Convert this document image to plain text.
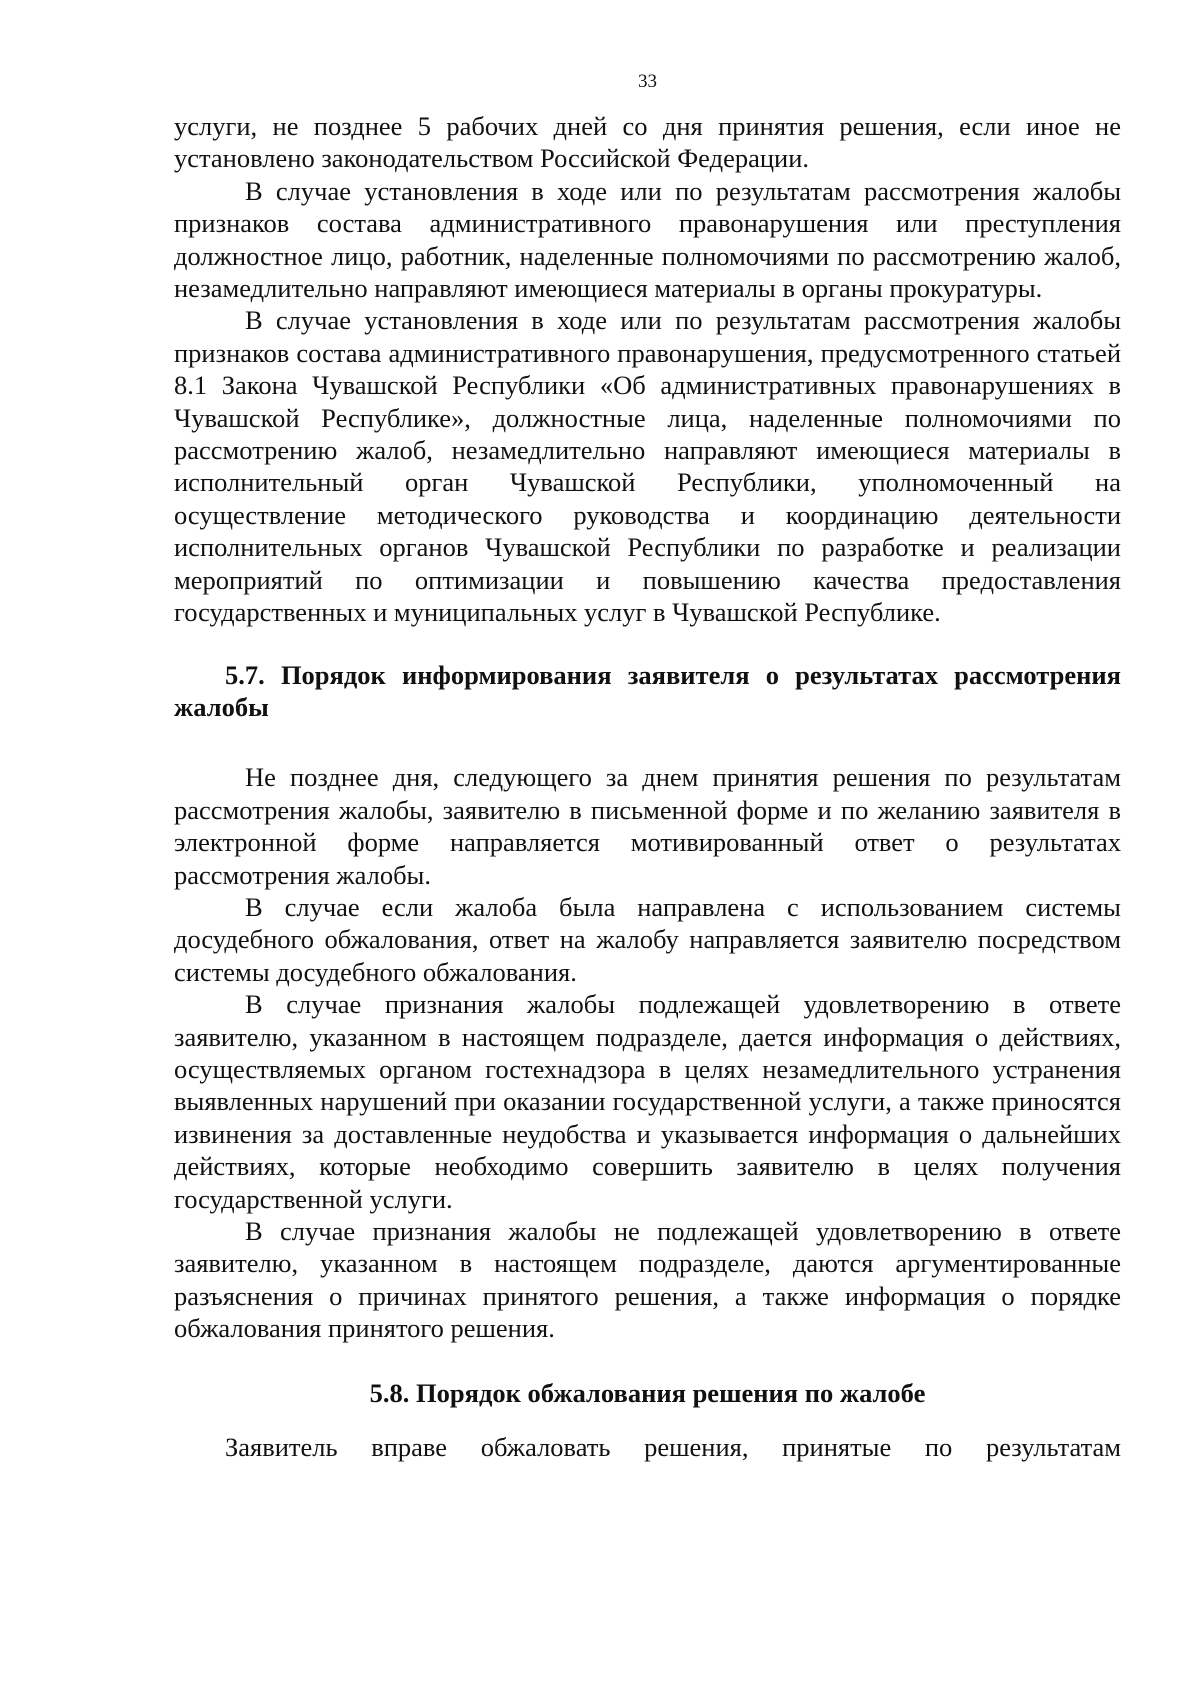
33

услуги, не позднее 5 рабочих дней со дня принятия решения, если иное не установлено законодательством Российской Федерации.

В случае установления в ходе или по результатам рассмотрения жалобы признаков состава административного правонарушения или преступления должностное лицо, работник, наделенные полномочиями по рассмотрению жалоб, незамедлительно направляют имеющиеся материалы в органы прокуратуры.

В случае установления в ходе или по результатам рассмотрения жалобы признаков состава административного правонарушения, предусмотренного статьей 8.1 Закона Чувашской Республики «Об административных правонарушениях в Чувашской Республике», должностные лица, наделенные полномочиями по рассмотрению жалоб, незамедлительно направляют имеющиеся материалы в исполнительный орган Чувашской Республики, уполномоченный на осуществление методического руководства и координацию деятельности исполнительных органов Чувашской Республики по разработке и реализации мероприятий по оптимизации и повышению качества предоставления государственных и муниципальных услуг в Чувашской Республике.

5.7. Порядок информирования заявителя о результатах рассмотрения жалобы

Не позднее дня, следующего за днем принятия решения по результатам рассмотрения жалобы, заявителю в письменной форме и по желанию заявителя в электронной форме направляется мотивированный ответ о результатах рассмотрения жалобы.

В случае если жалоба была направлена с использованием системы досудебного обжалования, ответ на жалобу направляется заявителю посредством системы досудебного обжалования.

В случае признания жалобы подлежащей удовлетворению в ответе заявителю, указанном в настоящем подразделе, дается информация о действиях, осуществляемых органом гостехнадзора в целях незамедлительного устранения выявленных нарушений при оказании государственной услуги, а также приносятся извинения за доставленные неудобства и указывается информация о дальнейших действиях, которые необходимо совершить заявителю в целях получения государственной услуги.

В случае признания жалобы не подлежащей удовлетворению в ответе заявителю, указанном в настоящем подразделе, даются аргументированные разъяснения о причинах принятого решения, а также информация о порядке обжалования принятого решения.

5.8. Порядок обжалования решения по жалобе

Заявитель вправе обжаловать решения, принятые по результатам
